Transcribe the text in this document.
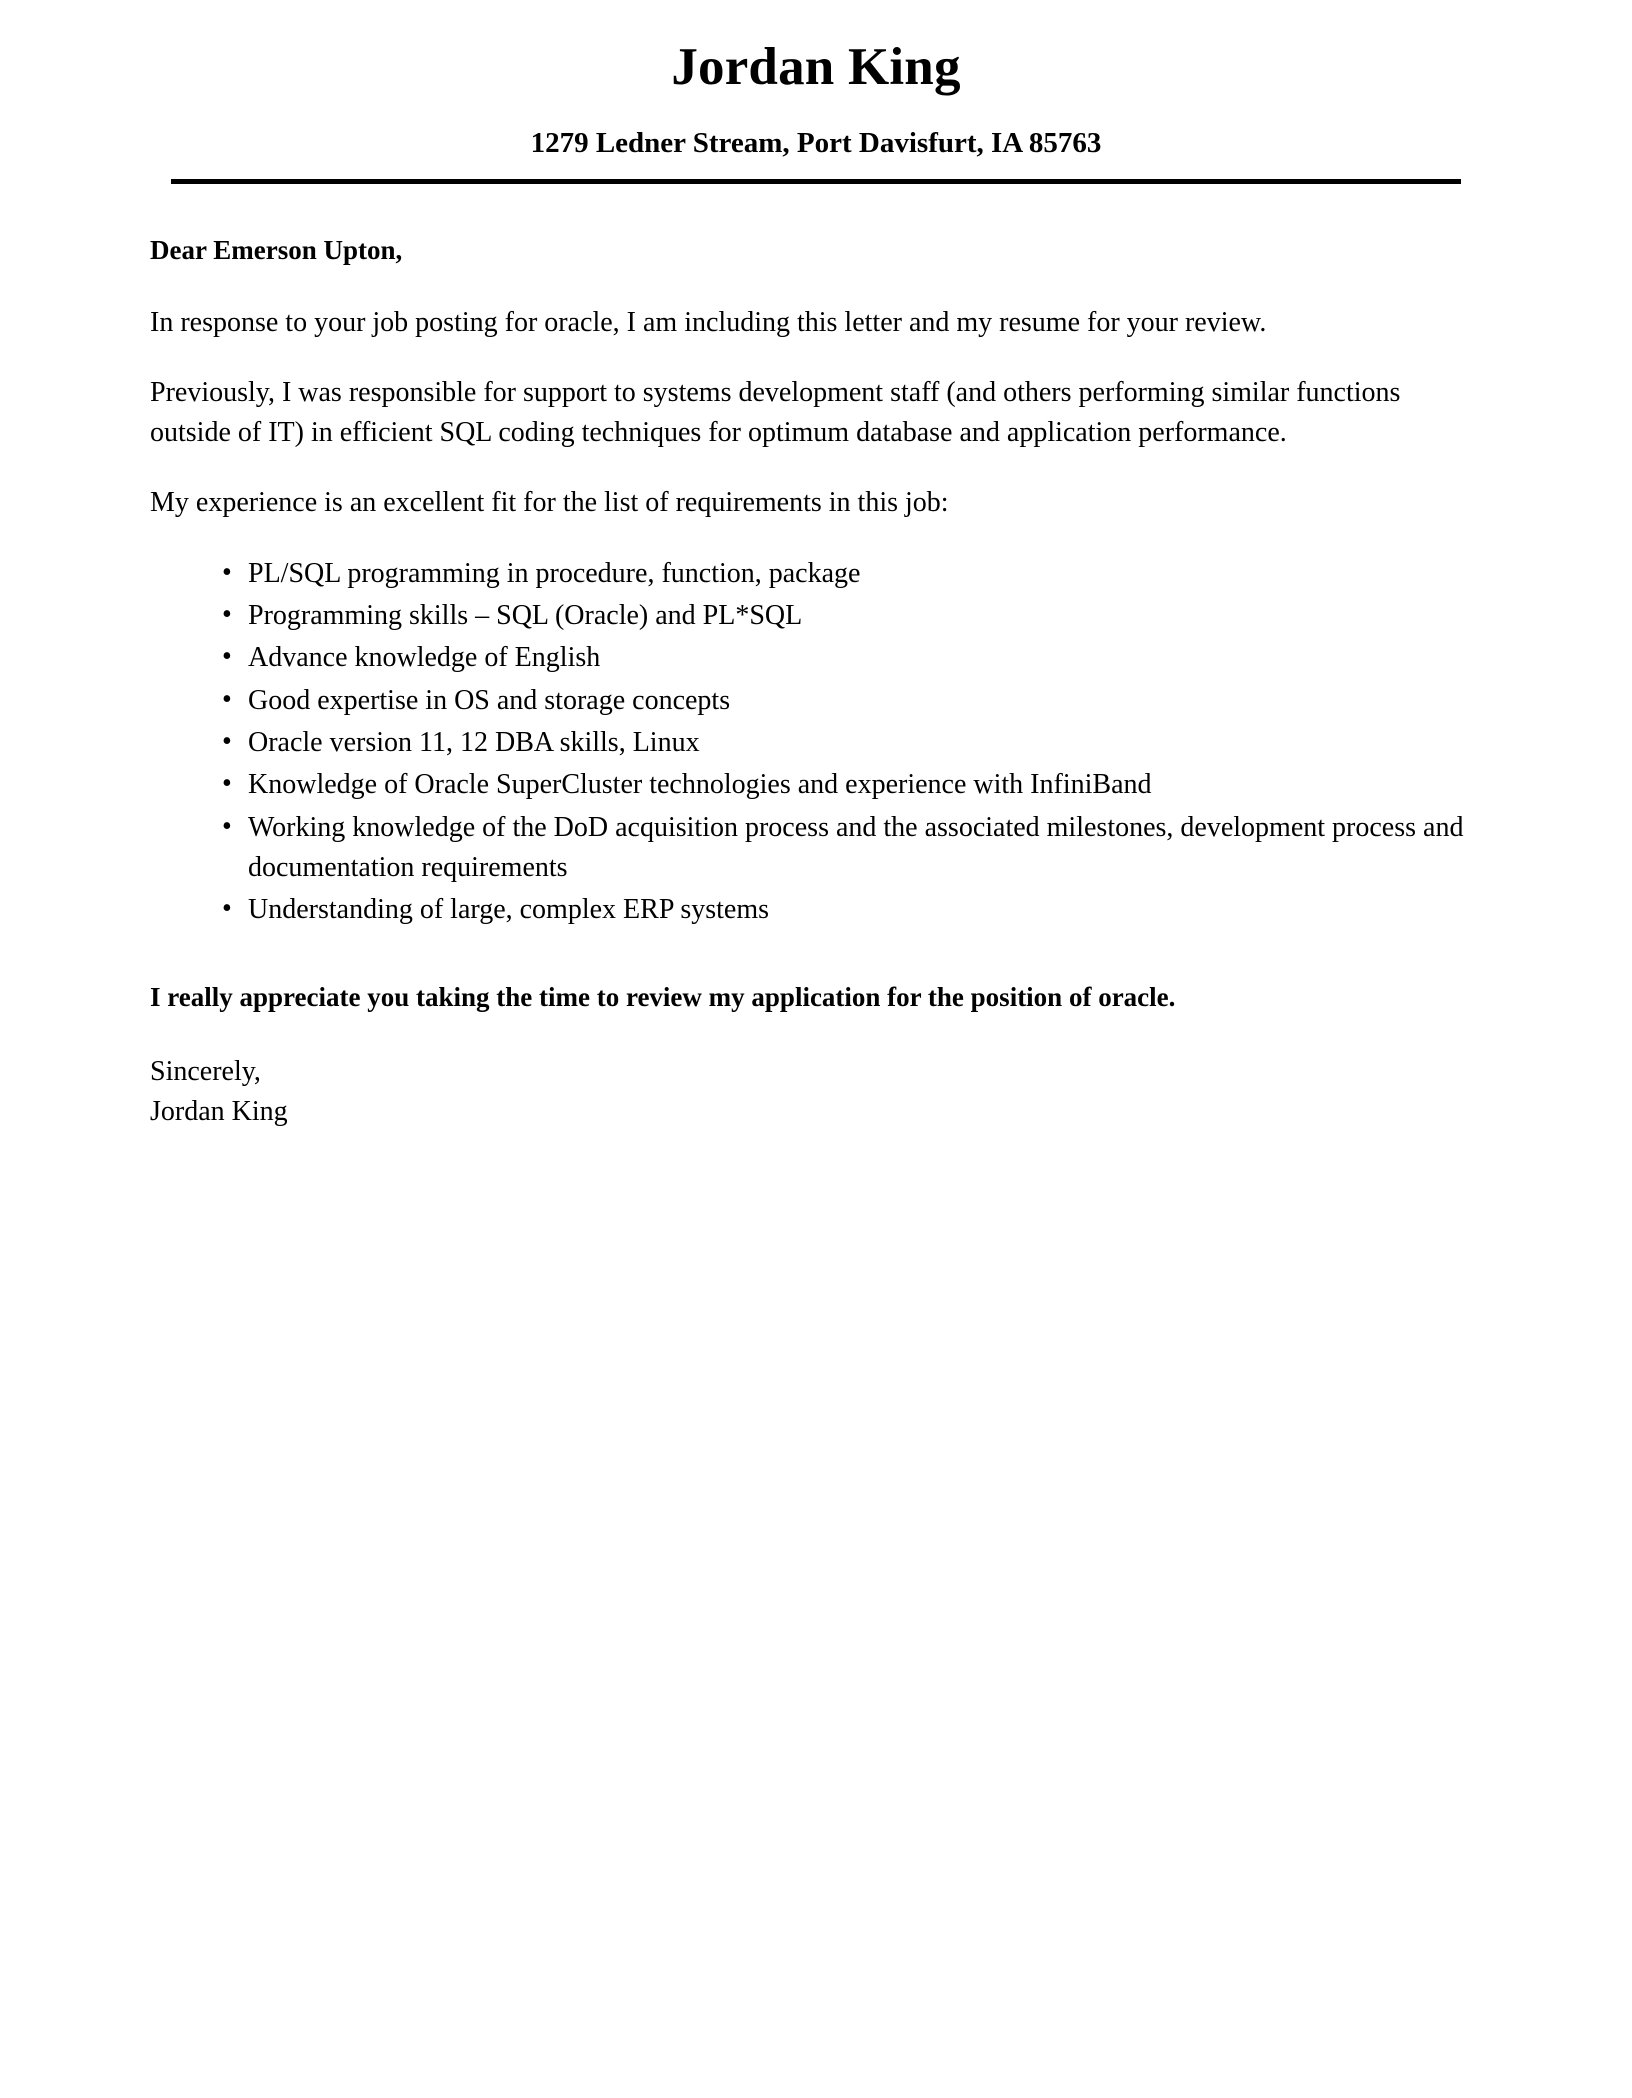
Jordan King
1279 Ledner Stream, Port Davisfurt, IA 85763
Dear Emerson Upton,

In response to your job posting for oracle, I am including this letter and my resume for your review.

Previously, I was responsible for support to systems development staff (and others performing similar functions outside of IT) in efficient SQL coding techniques for optimum database and application performance.

My experience is an excellent fit for the list of requirements in this job:

• PL/SQL programming in procedure, function, package
• Programming skills – SQL (Oracle) and PL*SQL
• Advance knowledge of English
• Good expertise in OS and storage concepts
• Oracle version 11, 12 DBA skills, Linux
• Knowledge of Oracle SuperCluster technologies and experience with InfiniBand
• Working knowledge of the DoD acquisition process and the associated milestones, development process and documentation requirements
• Understanding of large, complex ERP systems
I really appreciate you taking the time to review my application for the position of oracle.
Sincerely,
Jordan King
